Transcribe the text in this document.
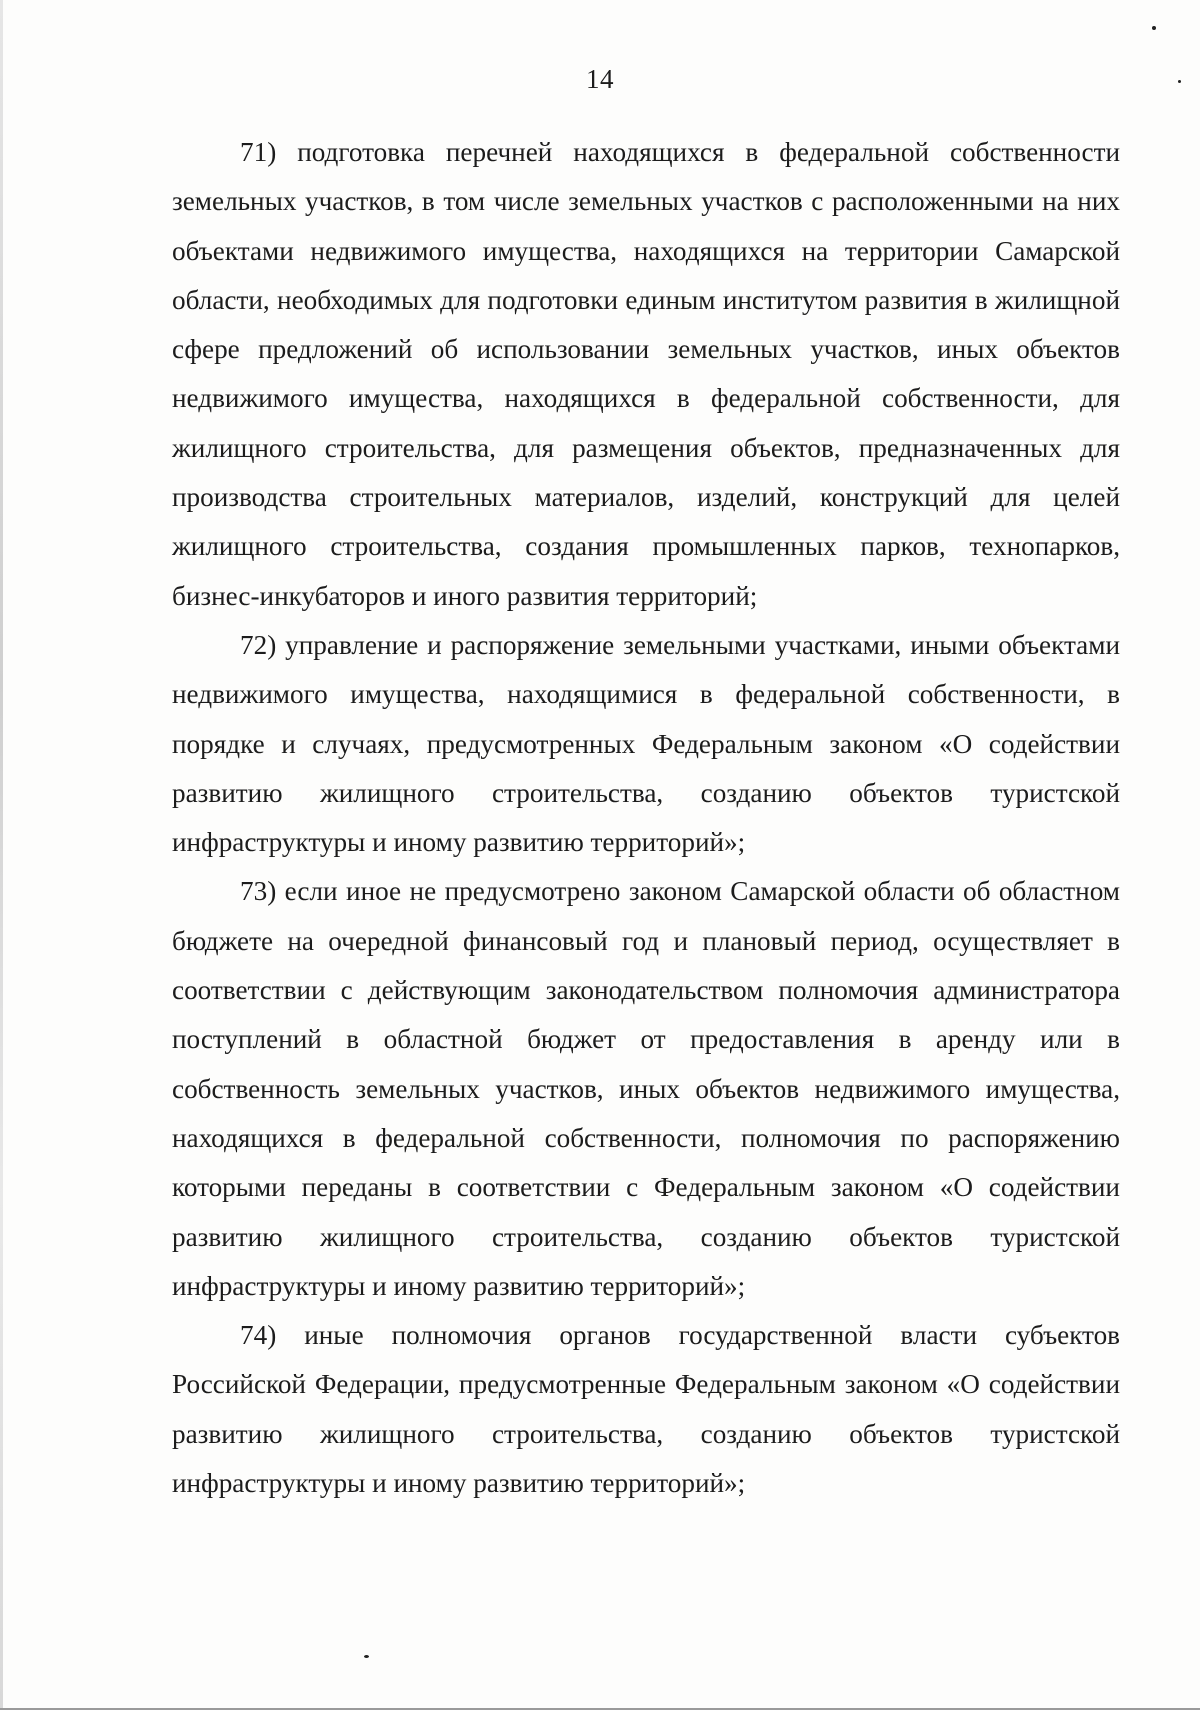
14

71) подготовка перечней находящихся в федеральной собственности земельных участков, в том числе земельных участков с расположенными на них объектами недвижимого имущества, находящихся на территории Самарской области, необходимых для подготовки единым институтом развития в жилищной сфере предложений об использовании земельных участков, иных объектов недвижимого имущества, находящихся в федеральной собственности, для жилищного строительства, для размещения объектов, предназначенных для производства строительных материалов, изделий, конструкций для целей жилищного строительства, создания промышленных парков, технопарков, бизнес-инкубаторов и иного развития территорий;

72) управление и распоряжение земельными участками, иными объектами недвижимого имущества, находящимися в федеральной собственности, в порядке и случаях, предусмотренных Федеральным законом «О содействии развитию жилищного строительства, созданию объектов туристской инфраструктуры и иному развитию территорий»;

73) если иное не предусмотрено законом Самарской области об областном бюджете на очередной финансовый год и плановый период, осуществляет в соответствии с действующим законодательством полномочия администратора поступлений в областной бюджет от предоставления в аренду или в собственность земельных участков, иных объектов недвижимого имущества, находящихся в федеральной собственности, полномочия по распоряжению которыми переданы в соответствии с Федеральным законом «О содействии развитию жилищного строительства, созданию объектов туристской инфраструктуры и иному развитию территорий»;

74) иные полномочия органов государственной власти субъектов Российской Федерации, предусмотренные Федеральным законом «О содействии развитию жилищного строительства, созданию объектов туристской инфраструктуры и иному развитию территорий»;
